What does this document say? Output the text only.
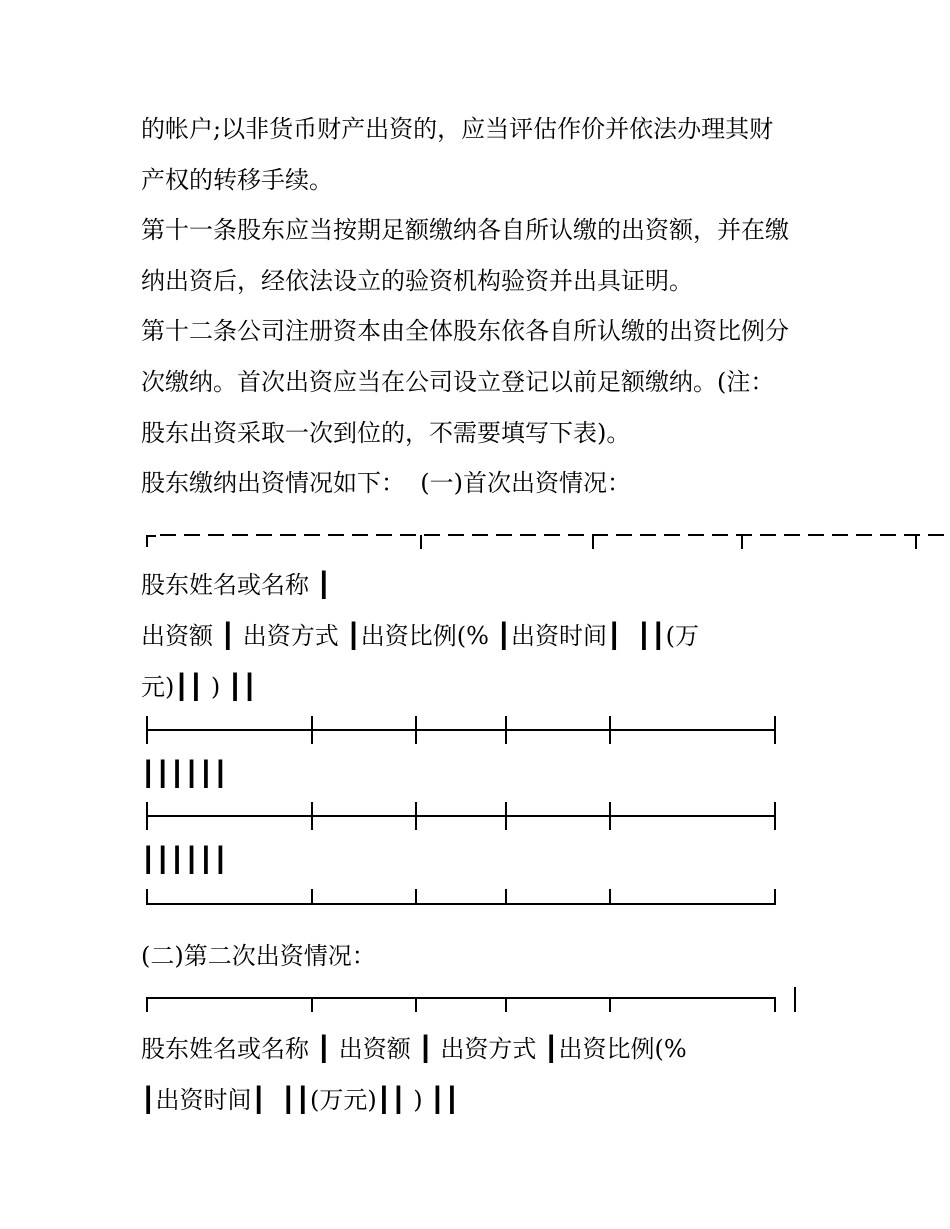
的帐户;以非货币财产出资的，应当评估作价并依法办理其财
产权的转移手续。
第十一条股东应当按期足额缴纳各自所认缴的出资额，并在缴
纳出资后，经依法设立的验资机构验资并出具证明。
第十二条公司注册资本由全体股东依各自所认缴的出资比例分
次缴纳。首次出资应当在公司设立登记以前足额缴纳。(注：
股东出资采取一次到位的，不需要填写下表)。
股东缴纳出资情况如下：  (一)首次出资情况：
股东姓名或名称 ┃
出资额 ┃ 出资方式 ┃出资比例(% ┃出资时间┃  ┃┃(万
元)┃┃ ) ┃┃
┃┃┃┃┃┃
┃┃┃┃┃┃
(二)第二次出资情况：
股东姓名或名称 ┃ 出资额 ┃ 出资方式 ┃出资比例(%
┃出资时间┃  ┃┃(万元)┃┃ ) ┃┃
